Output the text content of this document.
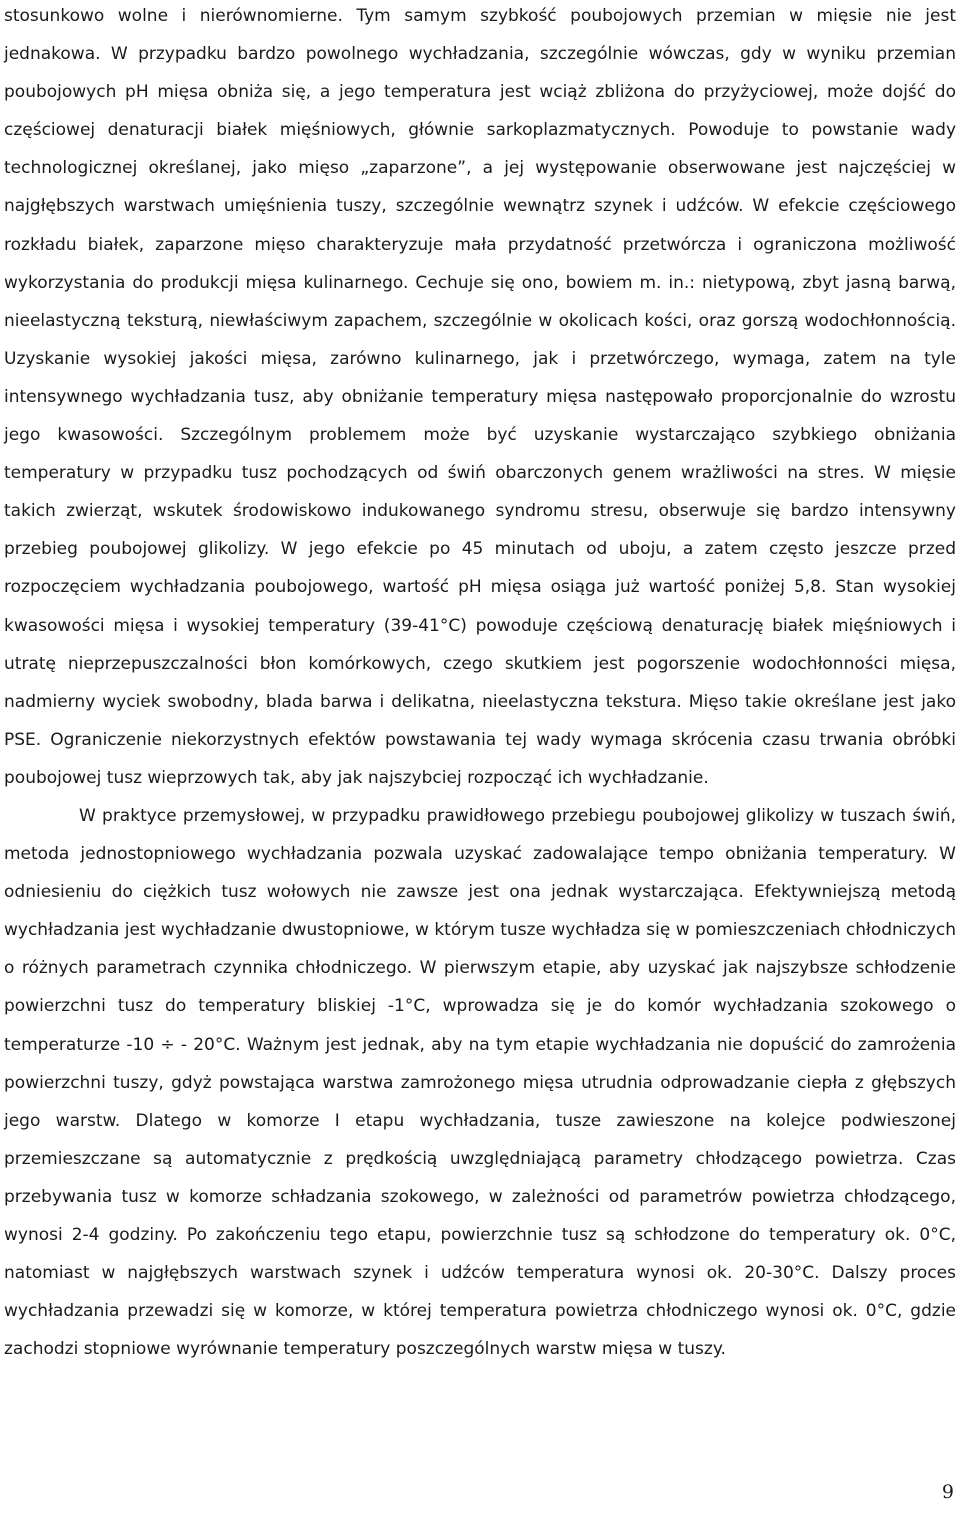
stosunkowo wolne i nierównomierne. Tym samym szybkość poubojowych przemian w mięsie nie jest jednakowa. W przypadku bardzo powolnego wychładzania, szczególnie wówczas, gdy w wyniku przemian poubojowych pH mięsa obniża się, a jego temperatura jest wciąż zbliżona do przyżyciowej, może dojść do częściowej denaturacji białek mięśniowych, głównie sarkoplazmatycznych. Powoduje to powstanie wady technologicznej określanej, jako mięso „zaparzone”, a jej występowanie obserwowane jest najczęściej w najgłębszych warstwach umięśnienia tuszy, szczególnie wewnątrz szynek i udźców. W efekcie częściowego rozkładu białek, zaparzone mięso charakteryzuje mała przydatność przetwórcza i ograniczona możliwość wykorzystania do produkcji mięsa kulinarnego. Cechuje się ono, bowiem m. in.: nietypową, zbyt jasną barwą, nieelastyczną teksturą, niewłaściwym zapachem, szczególnie w okolicach kości, oraz gorszą wodochłonnością. Uzyskanie wysokiej jakości mięsa, zarówno kulinarnego, jak i przetwórczego, wymaga, zatem na tyle intensywnego wychładzania tusz, aby obniżanie temperatury mięsa następowało proporcjonalnie do wzrostu jego kwasowości. Szczególnym problemem może być uzyskanie wystarczająco szybkiego obniżania temperatury w przypadku tusz pochodzących od świń obarczonych genem wrażliwości na stres. W mięsie takich zwierząt, wskutek środowiskowo indukowanego syndromu stresu, obserwuje się bardzo intensywny przebieg poubojowej glikolizy. W jego efekcie po 45 minutach od uboju, a zatem często jeszcze przed rozpoczęciem wychładzania poubojowego, wartość pH mięsa osiąga już wartość poniżej 5,8. Stan wysokiej kwasowości mięsa i wysokiej temperatury (39-41°C) powoduje częściową denaturację białek mięśniowych i utratę nieprzepuszczalności błon komórkowych, czego skutkiem jest pogorszenie wodochłonności mięsa, nadmierny wyciek swobodny, blada barwa i delikatna, nieelastyczna tekstura. Mięso takie określane jest jako PSE. Ograniczenie niekorzystnych efektów powstawania tej wady wymaga skrócenia czasu trwania obróbki poubojowej tusz wieprzowych tak, aby jak najszybciej rozpocząć ich wychładzanie.

W praktyce przemysłowej, w przypadku prawidłowego przebiegu poubojowej glikolizy w tuszach świń, metoda jednostopniowego wychładzania pozwala uzyskać zadowalające tempo obniżania temperatury. W odniesieniu do ciężkich tusz wołowych nie zawsze jest ona jednak wystarczająca. Efektywniejszą metodą wychładzania jest wychładzanie dwustopniowe, w którym tusze wychładza się w pomieszczeniach chłodniczych o różnych parametrach czynnika chłodniczego. W pierwszym etapie, aby uzyskać jak najszybsze schłodzenie powierzchni tusz do temperatury bliskiej -1°C, wprowadza się je do komór wychładzania szokowego o temperaturze -10 ÷ - 20°C. Ważnym jest jednak, aby na tym etapie wychładzania nie dopuścić do zamrożenia powierzchni tuszy, gdyż powstająca warstwa zamrożonego mięsa utrudnia odprowadzanie ciepła z głębszych jego warstw. Dlatego w komorze I etapu wychładzania, tusze zawieszone na kolejce podwieszonej przemieszczane są automatycznie z prędkością uwzględniającą parametry chłodzącego powietrza. Czas przebywania tusz w komorze schładzania szokowego, w zależności od parametrów powietrza chłodzącego, wynosi 2-4 godziny. Po zakończeniu tego etapu, powierzchnie tusz są schłodzone do temperatury ok. 0°C, natomiast w najgłębszych warstwach szynek i udźców temperatura wynosi ok. 20-30°C. Dalszy proces wychładzania przewadzi się w komorze, w której temperatura powietrza chłodniczego wynosi ok. 0°C, gdzie zachodzi stopniowe wyrównanie temperatury poszczególnych warstw mięsa w tuszy.

9
